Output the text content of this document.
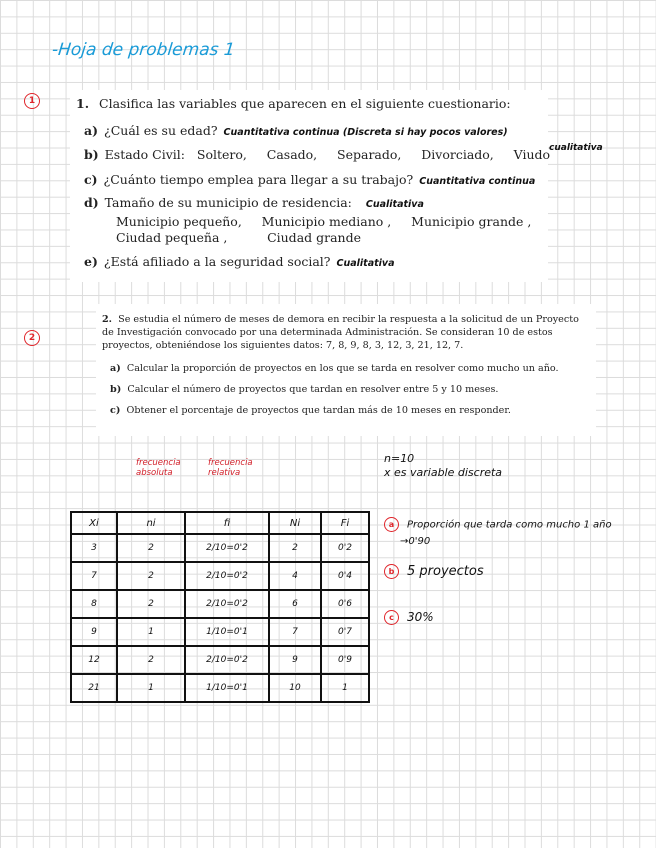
-Hoja de problemas 1
1
2
1. Clasifica las variables que aparecen en el siguiente cuestionario:
a) ¿Cuál es su edad? Cuantitativa continua (Discreta si hay pocos valores)
b) Estado Civil:   Soltero,     Casado,     Separado,     Divorciado,     Viudo
c) ¿Cuánto tiempo emplea para llegar a su trabajo? Cuantitativa continua
d) Tamaño de su municipio de residencia: Cualitativa
Municipio pequeño,     Municipio mediano ,     Municipio grande ,
Ciudad pequeña ,          Ciudad grande
e) ¿Está afiliado a la seguridad social? Cualitativa
cualitativa
2. Se estudia el número de meses de demora en recibir la respuesta a la solicitud de un Proyecto de Investigación convocado por una determinada Administración. Se consideran 10 de estos proyectos, obteniéndose los siguientes datos: 7, 8, 9, 8, 3, 12, 3, 21, 12, 7.
a) Calcular la proporción de proyectos en los que se tarda en resolver como mucho un año.
b) Calcular el número de proyectos que tardan en resolver entre 5 y 10 meses.
c) Obtener el porcentaje de proyectos que tardan más de 10 meses en responder.
frecuencia
absoluta
frecuencia
relativa
n=10
x es variable discreta
Xi	ni	fi	Ni	Fi
3	2	2/10=0'2	2	0'2
7	2	2/10=0'2	4	0'4
8	2	2/10=0'2	6	0'6
9	1	1/10=0'1	7	0'7
12	2	2/10=0'2	9	0'9
21	1	1/10=0'1	10	1
a Proporción que tarda como mucho 1 año
→0'90
b 5 proyectos
c 30%
